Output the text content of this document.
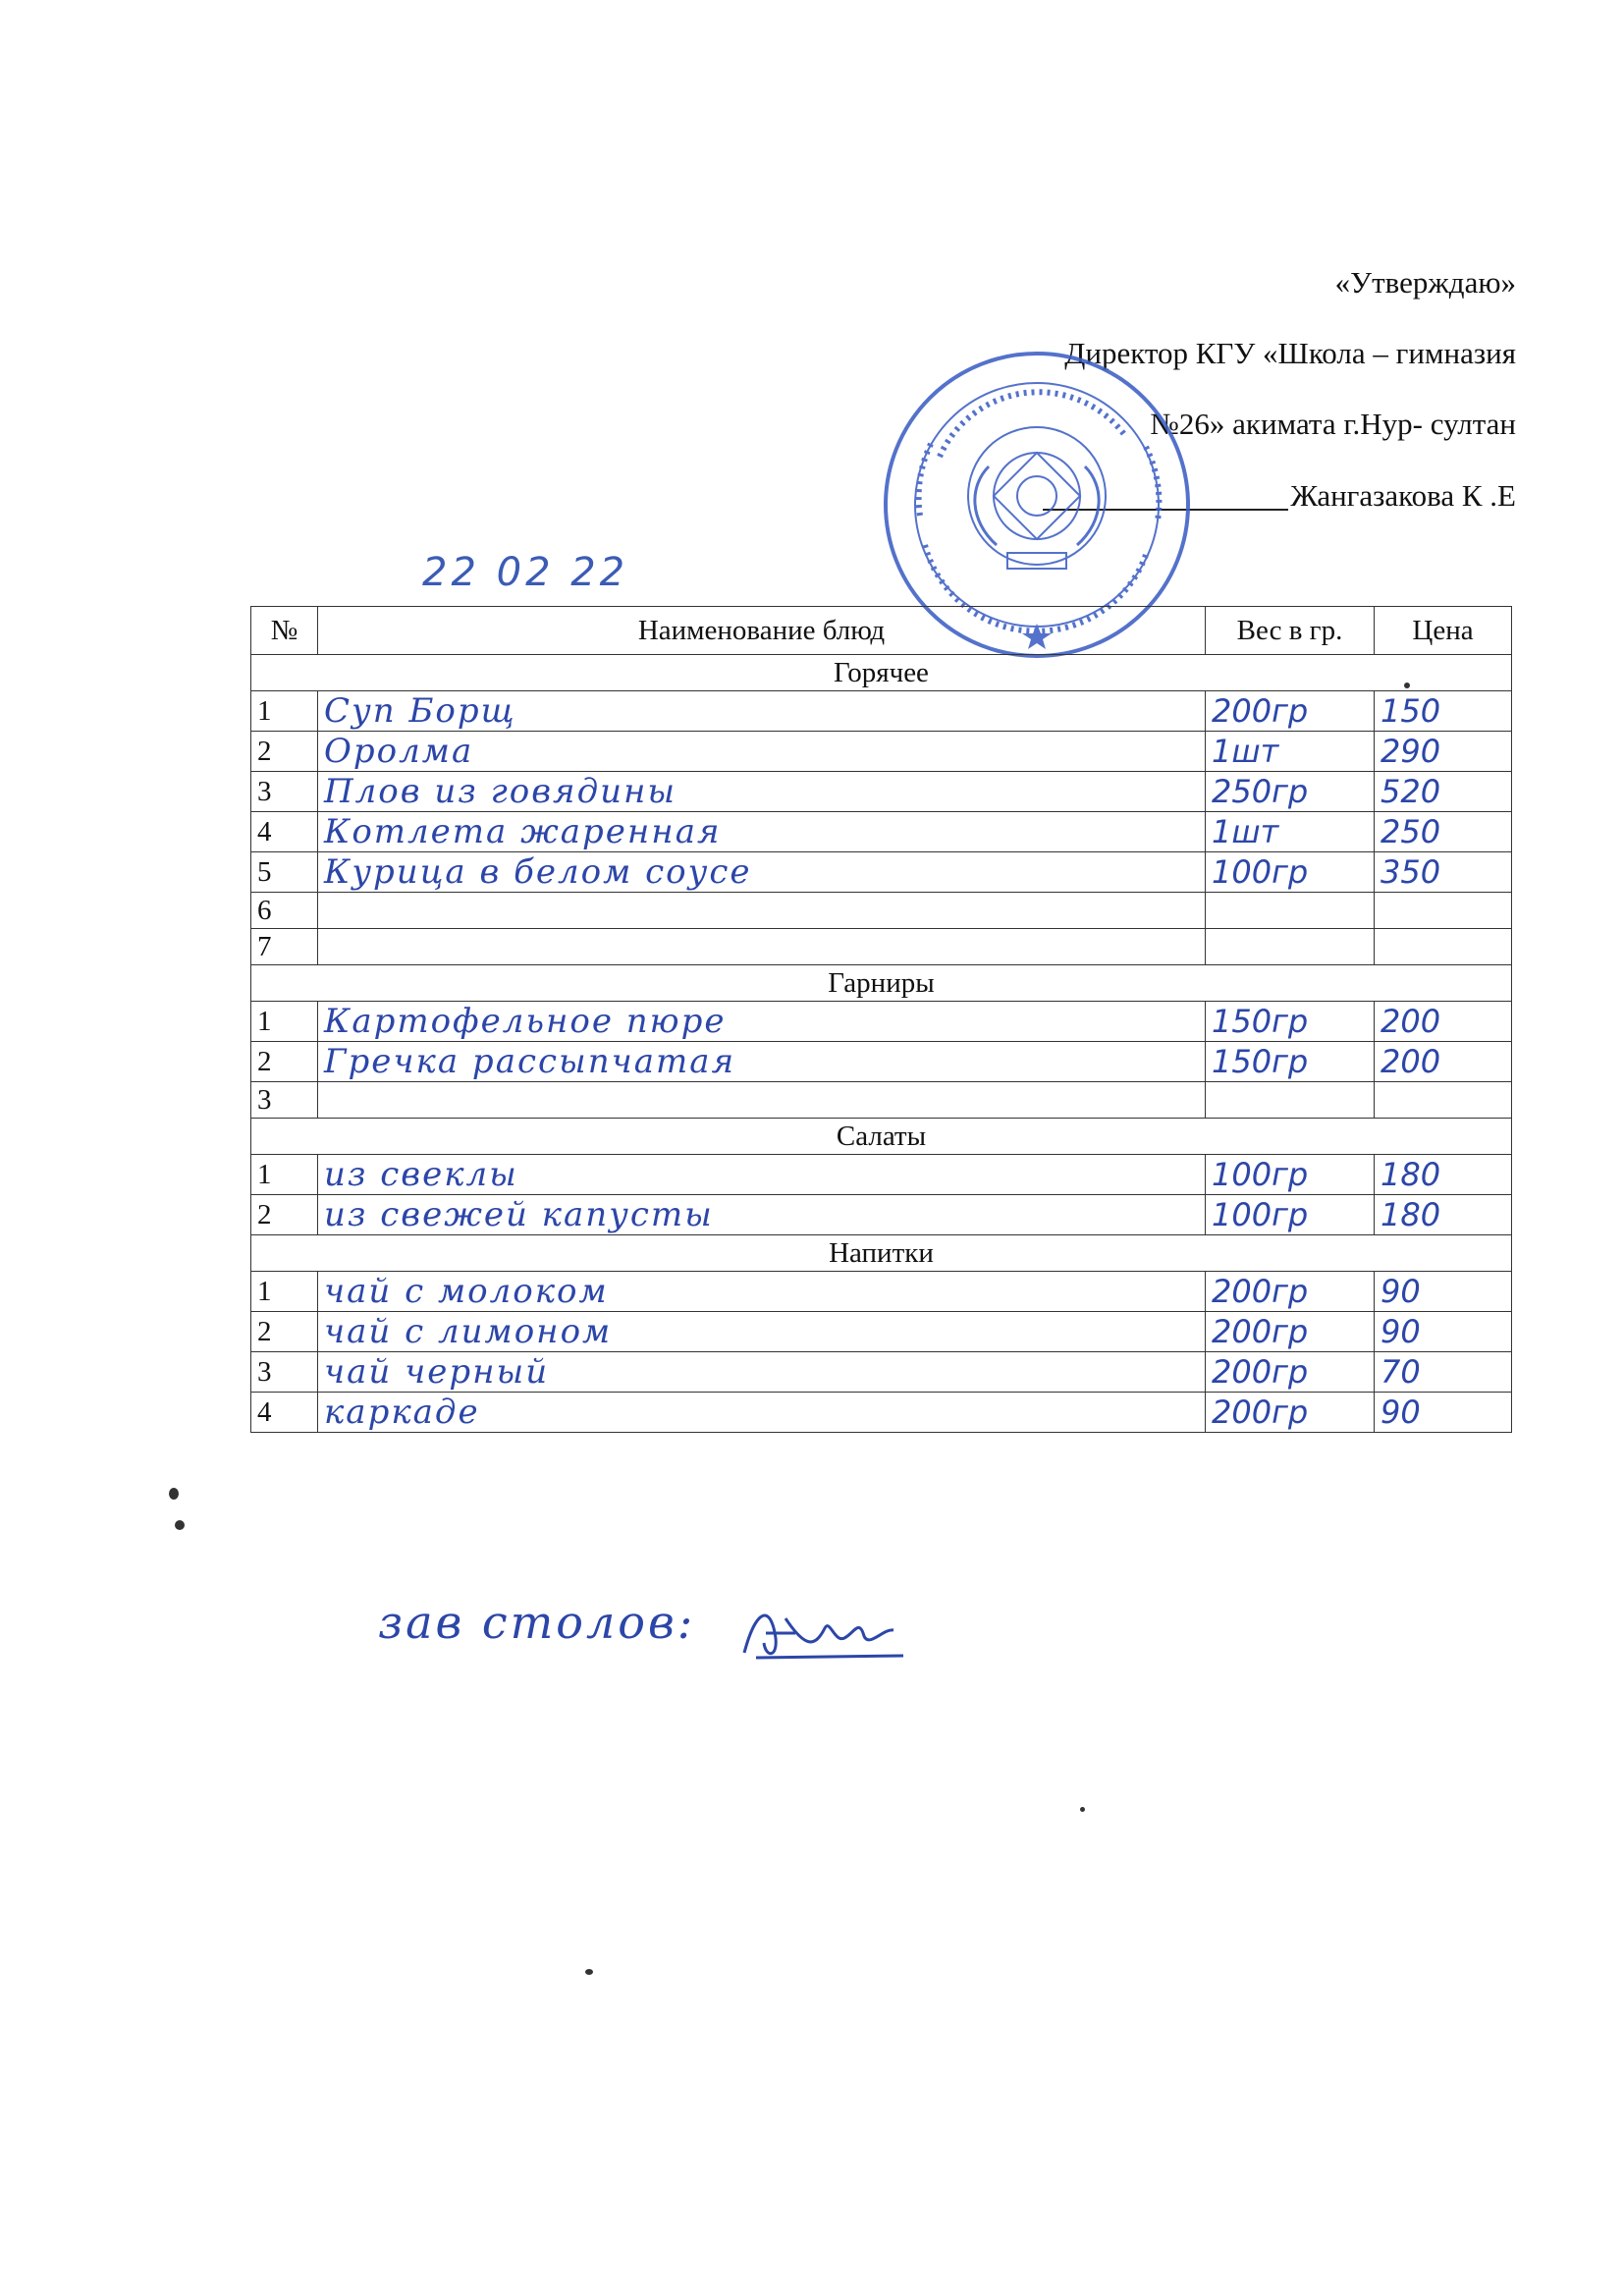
«Утверждаю»
Директор КГУ «Школа – гимназия
№26» акимата г.Нур- султан
Жангазакова К .Е
22 02 22
№	Наименование блюд	Вес в гр.	Цена
Горячее			
1	Суп Борщ	200гр	150
2	Оролма	1шт	290
3	Плов из говядины	250гр	520
4	Котлета жаренная	1шт	250
5	Курица в белом соусе	100гр	350
6			
7			
Гарниры			
1	Картофельное пюре	150гр	200
2	Гречка рассыпчатая	150гр	200
3			
Салаты			
1	из свеклы	100гр	180
2	из свежей капусты	100гр	180
Напитки			
1	чай с молоком	200гр	90
2	чай с лимоном	200гр	90
3	чай черный	200гр	70
4	каркаде	200гр	90
зав столов:
